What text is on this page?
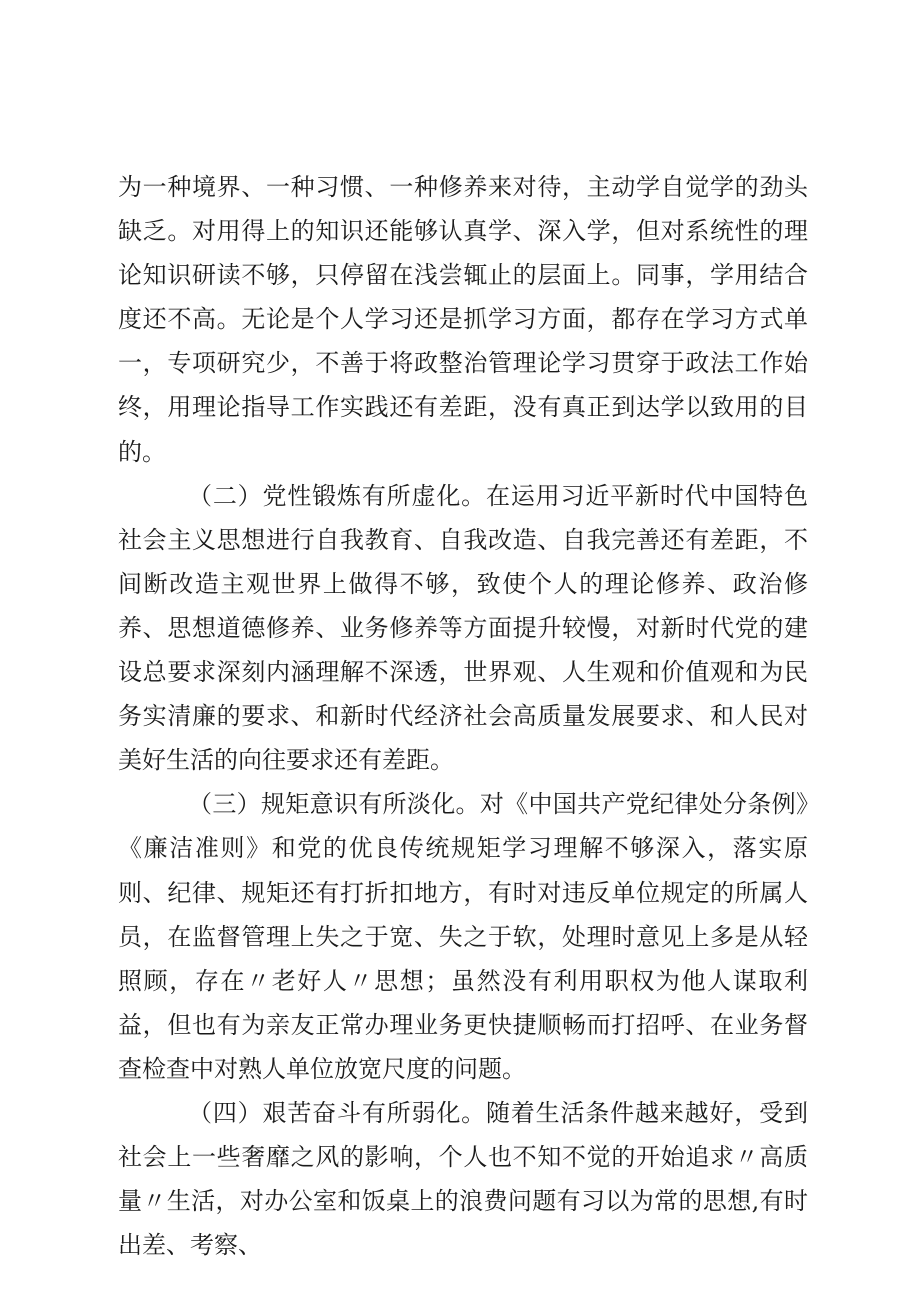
为一种境界、一种习惯、一种修养来对待，主动学自觉学的劲头缺乏。对用得上的知识还能够认真学、深入学，但对系统性的理论知识研读不够，只停留在浅尝辄止的层面上。同事，学用结合度还不高。无论是个人学习还是抓学习方面，都存在学习方式单一，专项研究少，不善于将政整治管理论学习贯穿于政法工作始终，用理论指导工作实践还有差距，没有真正到达学以致用的目的。

（二）党性锻炼有所虚化。在运用习近平新时代中国特色社会主义思想进行自我教育、自我改造、自我完善还有差距，不间断改造主观世界上做得不够，致使个人的理论修养、政治修养、思想道德修养、业务修养等方面提升较慢，对新时代党的建设总要求深刻内涵理解不深透，世界观、人生观和价值观和为民务实清廉的要求、和新时代经济社会高质量发展要求、和人民对美好生活的向往要求还有差距。

（三）规矩意识有所淡化。对《中国共产党纪律处分条例》《廉洁准则》和党的优良传统规矩学习理解不够深入，落实原则、纪律、规矩还有打折扣地方，有时对违反单位规定的所属人员，在监督管理上失之于宽、失之于软，处理时意见上多是从轻照顾，存在〃老好人〃思想；虽然没有利用职权为他人谋取利益，但也有为亲友正常办理业务更快捷顺畅而打招呼、在业务督查检查中对熟人单位放宽尺度的问题。

（四）艰苦奋斗有所弱化。随着生活条件越来越好，受到社会上一些奢靡之风的影响，个人也不知不觉的开始追求〃高质量〃生活，对办公室和饭桌上的浪费问题有习以为常的思想,有时出差、考察、
